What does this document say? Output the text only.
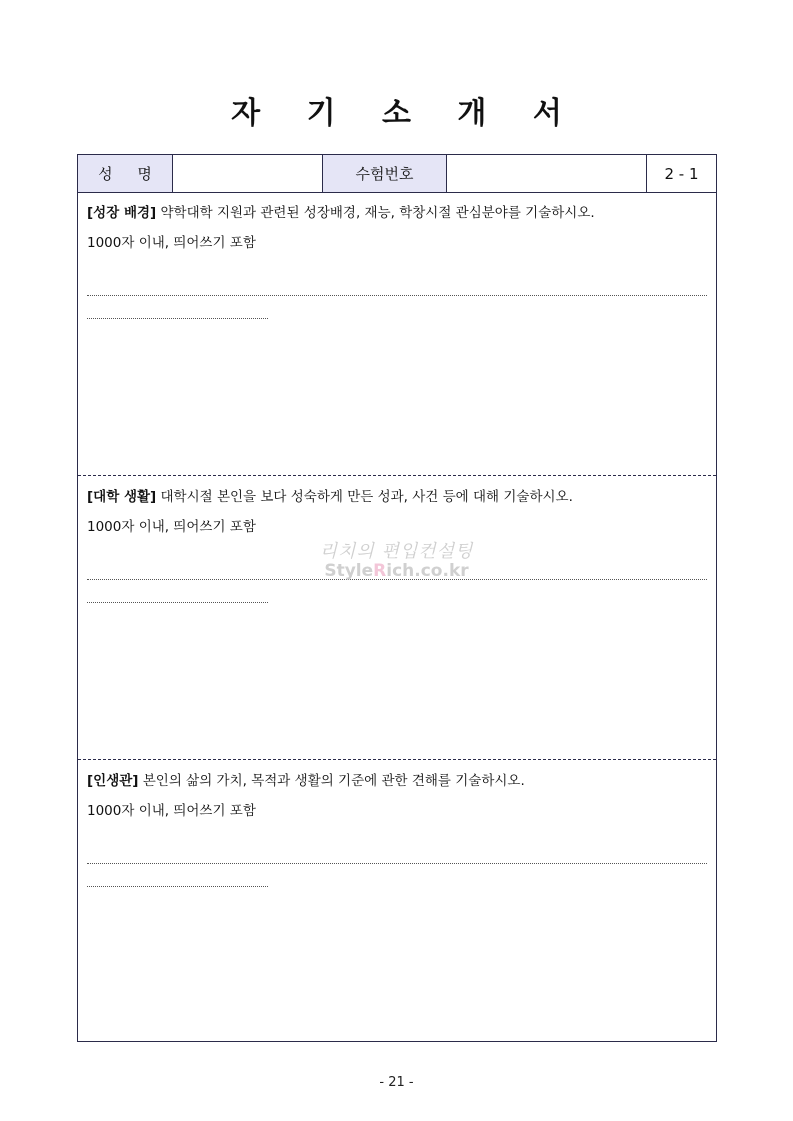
자 기 소 개 서
성 명	수험번호	2 - 1
[성장 배경] 약학대학 지원과 관련된 성장배경, 재능, 학창시절 관심분야를 기술하시오.
1000자 이내, 띄어쓰기 포함
[대학 생활] 대학시절 본인을 보다 성숙하게 만든 성과, 사건 등에 대해 기술하시오.
1000자 이내, 띄어쓰기 포함
[인생관] 본인의 삶의 가치, 목적과 생활의 기준에 관한 견해를 기술하시오.
1000자 이내, 띄어쓰기 포함
리치의 편입컨설팅
StyleRich.co.kr
- 21 -
